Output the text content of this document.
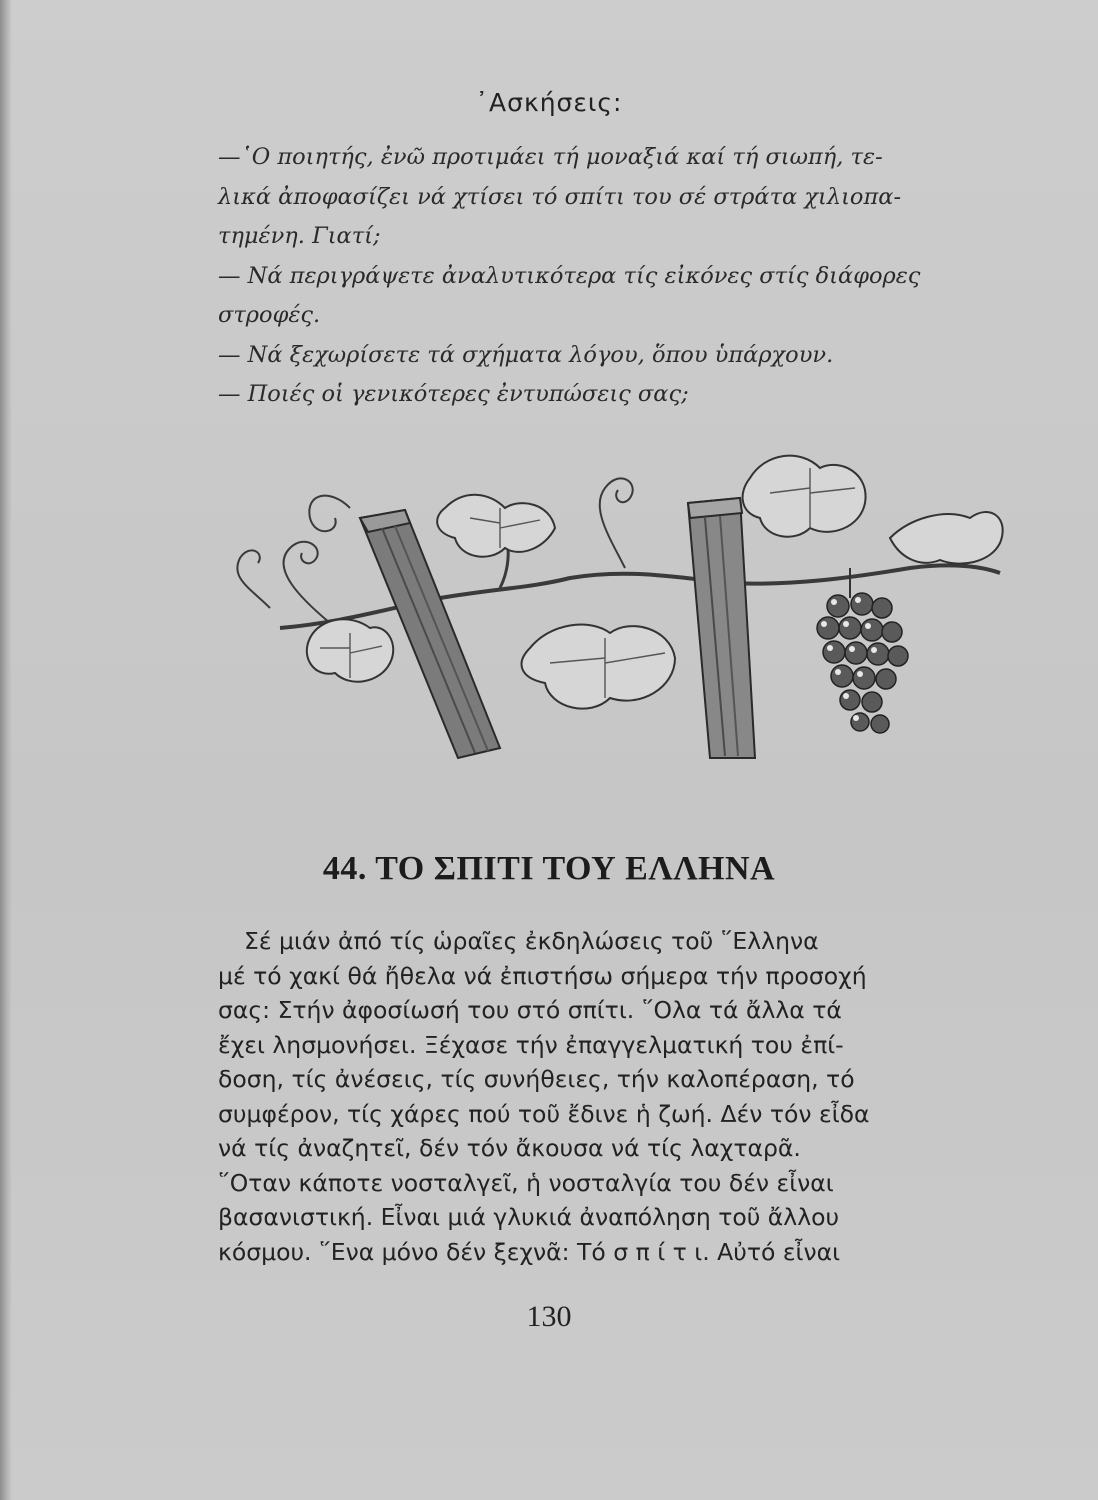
᾿Ασκήσεις:
—῾Ο ποιητής, ἐνῶ προτιμάει τή μοναξιά καί τή σιωπή, τε-
λικά ἀποφασίζει νά χτίσει τό σπίτι του σέ στράτα χιλιοπα-
τημένη. Γιατί;
— Νά περιγράψετε ἀναλυτικότερα τίς εἰκόνες στίς διάφορες
στροφές.
— Νά ξεχωρίσετε τά σχήματα λόγου, ὅπου ὑπάρχουν.
— Ποιές οἱ γενικότερες ἐντυπώσεις σας;
44. ΤΟ ΣΠΙΤΙ ΤΟΥ ΕΛΛΗΝΑ
Σέ μιάν ἀπό τίς ὡραῖες ἐκδηλώσεις τοῦ ῞Ελληνα
μέ τό χακί θά ἤθελα νά ἐπιστήσω σήμερα τήν προσοχή
σας: Στήν ἀφοσίωσή του στό σπίτι. ῞Ολα τά ἄλλα τά
ἔχει λησμονήσει. Ξέχασε τήν ἐπαγγελματική του ἐπί-
δοση, τίς ἀνέσεις, τίς συνήθειες, τήν καλοπέραση, τό
συμφέρον, τίς χάρες πού τοῦ ἔδινε ἡ ζωή. Δέν τόν εἶδα
νά τίς ἀναζητεῖ, δέν τόν ἄκουσα νά τίς λαχταρᾶ.
῞Οταν κάποτε νοσταλγεῖ, ἡ νοσταλγία του δέν εἶναι
βασανιστική. Εἶναι μιά γλυκιά ἀναπόληση τοῦ ἄλλου
κόσμου. ῞Ενα μόνο δέν ξεχνᾶ: Τό σ π ί τ ι. Αὐτό εἶναι
130
